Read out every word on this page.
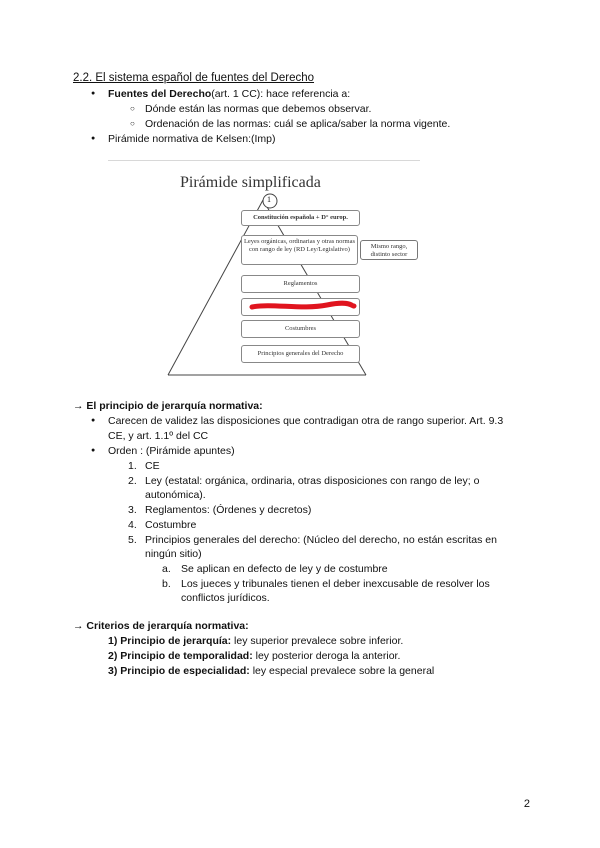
2.2. El sistema español de fuentes del Derecho
● Fuentes del Derecho(art. 1 CC): hace referencia a:
○ Dónde están las normas que debemos observar.
○ Ordenación de las normas: cuál se aplica/saber la norma vigente.
● Pirámide normativa de Kelsen:(Imp)
Pirámide simplificada
1
Constitución española + D° europ.
Leyes orgánicas, ordinarias y otras normas con rango de ley (RD Ley/Legislativo)	Mismo rango, distinto sector
Reglamentos
Costumbres
Principios generales del Derecho
→ El principio de jerarquía normativa:
● Carecen de validez las disposiciones que contradigan otra de rango superior. Art. 9.3
CE, y art. 1.1º del CC
● Orden : (Pirámide apuntes)
1. CE
2. Ley (estatal: orgánica, ordinaria, otras disposiciones con rango de ley; o
autonómica).
3. Reglamentos: (Órdenes y decretos)
4. Costumbre
5. Principios generales del derecho: (Núcleo del derecho, no están escritas en
ningún sitio)
a. Se aplican en defecto de ley y de costumbre
b. Los jueces y tribunales tienen el deber inexcusable de resolver los
conflictos jurídicos.
→ Criterios de jerarquía normativa:
1) Principio de jerarquía: ley superior prevalece sobre inferior.
2) Principio de temporalidad: ley posterior deroga la anterior.
3) Principio de especialidad: ley especial prevalece sobre la general
2
